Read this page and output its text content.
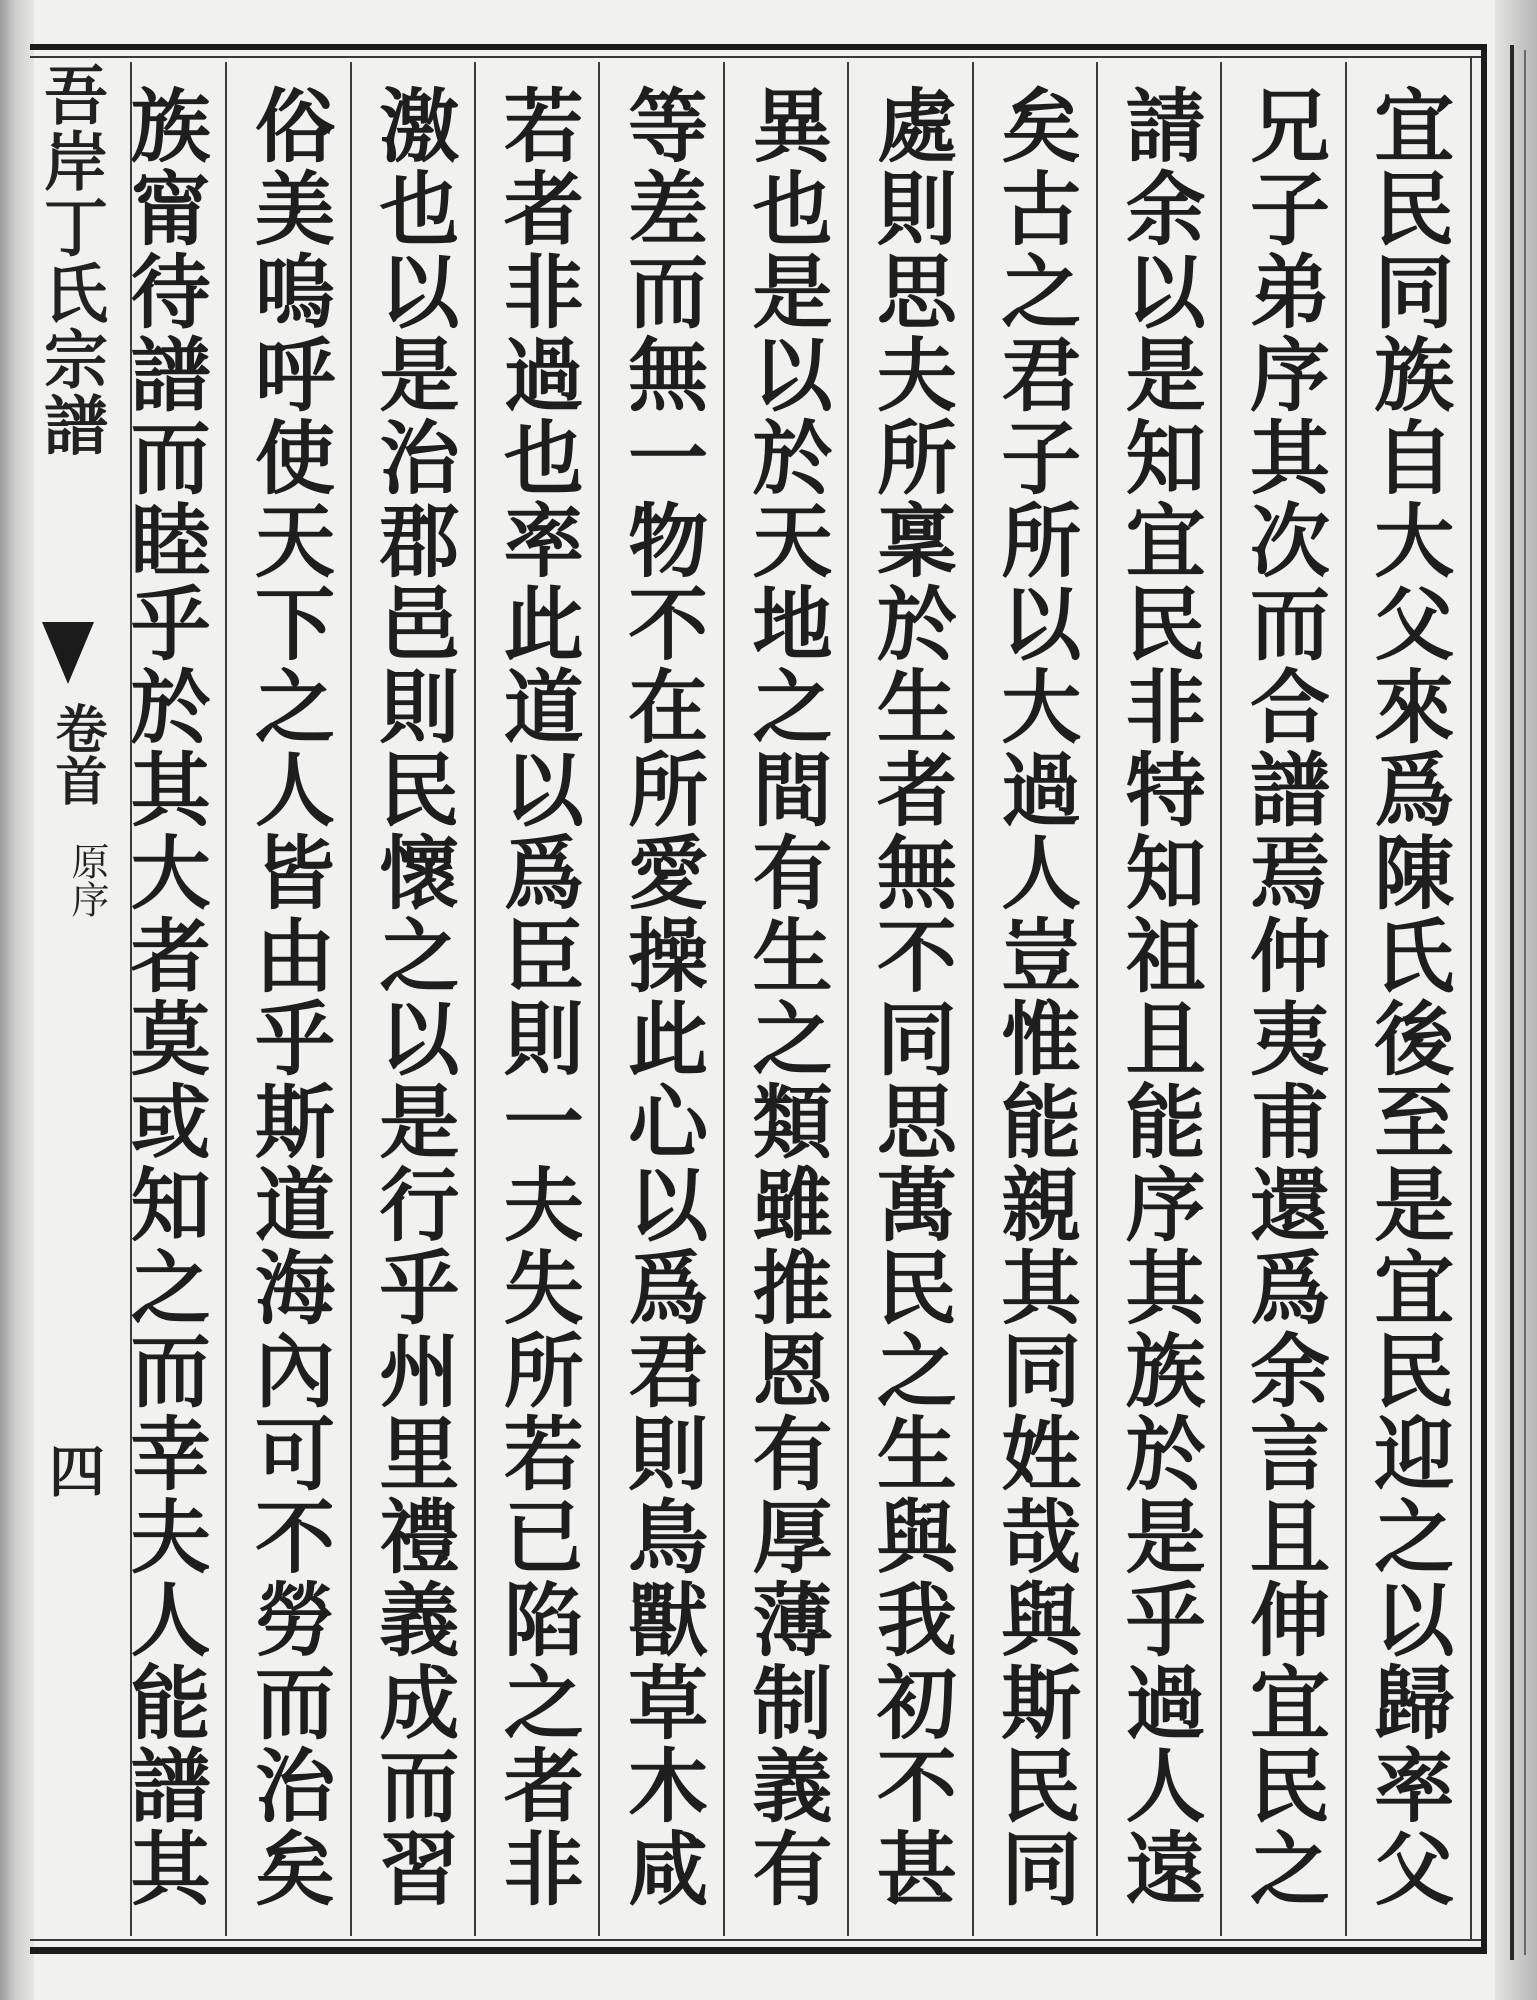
宜民同族自大父來爲陳氏後至是宜民迎之以歸率父
兄子弟序其次而合譜焉仲夷甫還爲余言且伸宜民之
請余以是知宜民非特知祖且能序其族於是乎過人遠
矣古之君子所以大過人豈惟能親其同姓哉與斯民同
處則思夫所稟於生者無不同思萬民之生與我初不甚
異也是以於天地之間有生之類雖推恩有厚薄制義有
等差而無一物不在所愛操此心以爲君則鳥獸草木咸
若者非過也率此道以爲臣則一夫失所若已陷之者非
激也以是治郡邑則民懷之以是行乎州里禮義成而習
吾岸丁氏宗譜
卷首
原序
四 俗美嗚呼使天下之人皆由乎斯道海內可不勞而治矣
族甯待譜而睦乎於其大者莫或知之而幸夫人能譜其
